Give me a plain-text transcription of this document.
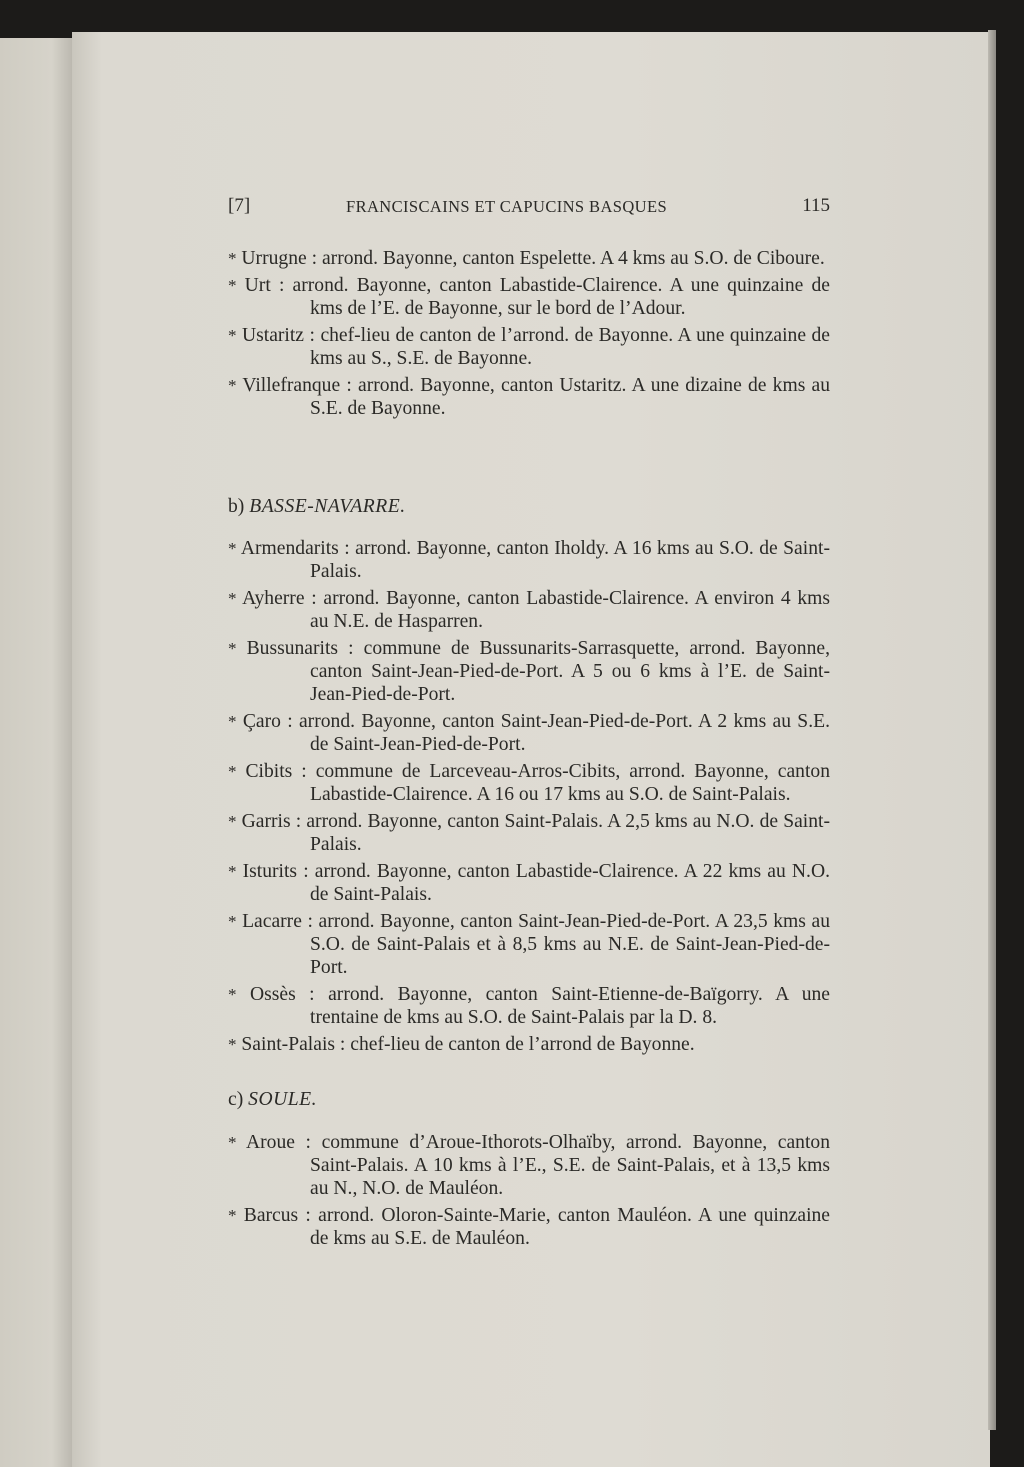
[7]	FRANCISCAINS ET CAPUCINS BASQUES	115
* Urrugne : arrond. Bayonne, canton Espelette. A 4 kms au S.O. de Ciboure.
* Urt : arrond. Bayonne, canton Labastide-Clairence. A une quinzaine de kms de l’E. de Bayonne, sur le bord de l’Adour.
* Ustaritz : chef-lieu de canton de l’arrond. de Bayonne. A une quinzaine de kms au S., S.E. de Bayonne.
* Villefranque : arrond. Bayonne, canton Ustaritz. A une dizaine de kms au S.E. de Bayonne.
b) BASSE-NAVARRE.
* Armendarits : arrond. Bayonne, canton Iholdy. A 16 kms au S.O. de Saint-Palais.
* Ayherre : arrond. Bayonne, canton Labastide-Clairence. A environ 4 kms au N.E. de Hasparren.
* Bussunarits : commune de Bussunarits-Sarrasquette, arrond. Bayonne, canton Saint-Jean-Pied-de-Port. A 5 ou 6 kms à l’E. de Saint-Jean-Pied-de-Port.
* Çaro : arrond. Bayonne, canton Saint-Jean-Pied-de-Port. A 2 kms au S.E. de Saint-Jean-Pied-de-Port.
* Cibits : commune de Larceveau-Arros-Cibits, arrond. Bayonne, canton Labastide-Clairence. A 16 ou 17 kms au S.O. de Saint-Palais.
* Garris : arrond. Bayonne, canton Saint-Palais. A 2,5 kms au N.O. de Saint-Palais.
* Isturits : arrond. Bayonne, canton Labastide-Clairence. A 22 kms au N.O. de Saint-Palais.
* Lacarre : arrond. Bayonne, canton Saint-Jean-Pied-de-Port. A 23,5 kms au S.O. de Saint-Palais et à 8,5 kms au N.E. de Saint-Jean-Pied-de-Port.
* Ossès : arrond. Bayonne, canton Saint-Etienne-de-Baïgorry. A une trentaine de kms au S.O. de Saint-Palais par la D. 8.
* Saint-Palais : chef-lieu de canton de l’arrond de Bayonne.
c) SOULE.
* Aroue : commune d’Aroue-Ithorots-Olhaïby, arrond. Bayonne, canton Saint-Palais. A 10 kms à l’E., S.E. de Saint-Palais, et à 13,5 kms au N., N.O. de Mauléon.
* Barcus : arrond. Oloron-Sainte-Marie, canton Mauléon. A une quinzaine de kms au S.E. de Mauléon.
